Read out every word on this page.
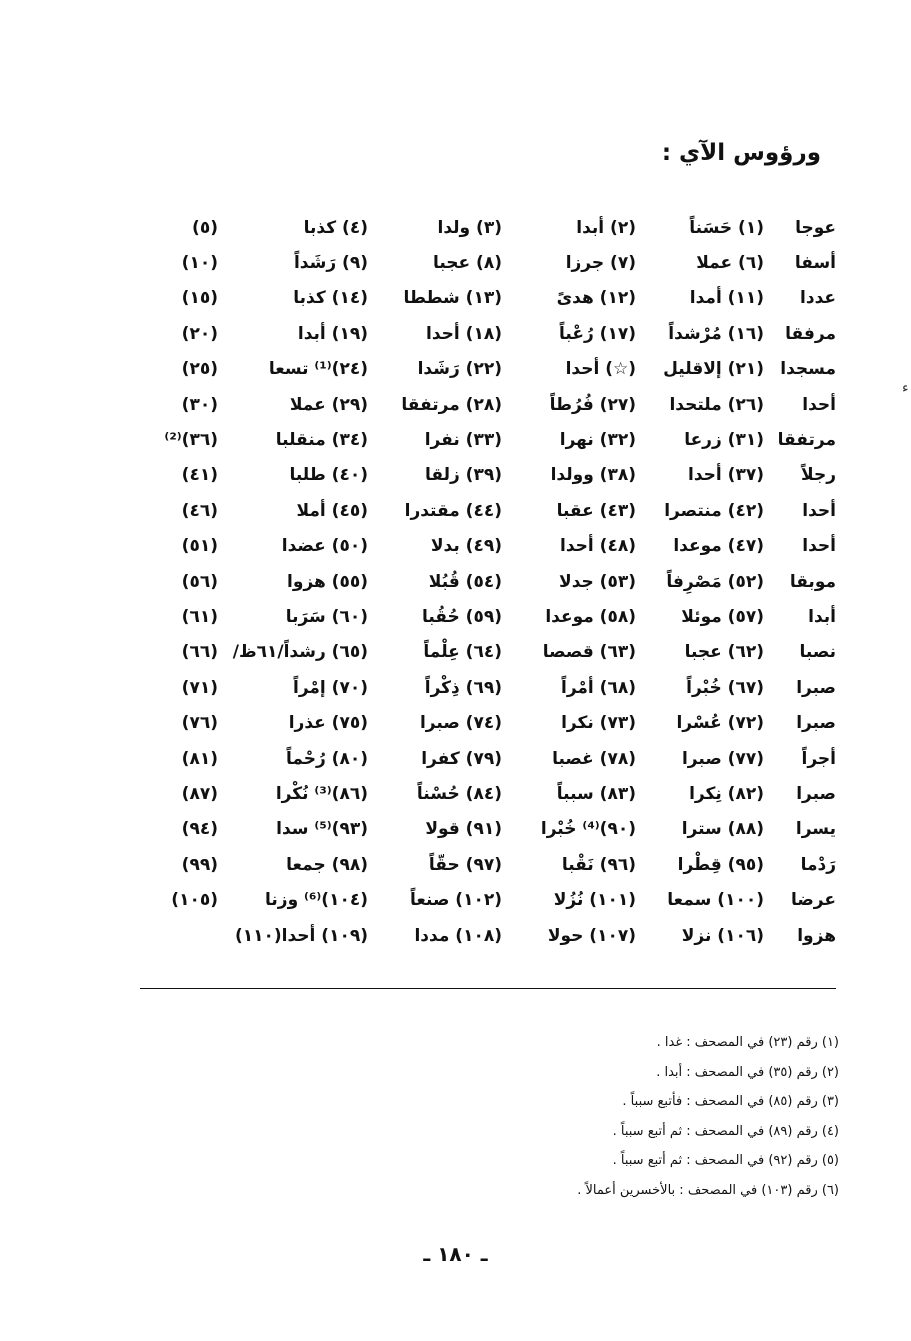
ورؤوس الآي :
عوجا
(١) حَسَناً
(٢) أبدا
(٣) ولدا
(٤) كذبا
(٥)
أسفا
(٦) عملا
(٧) جرزا
(٨) عجبا
(٩) رَشَداً
(١٠)
عددا
(١١) أمدا
(١٢) هدىً
(١٣) شططا
(١٤) كذبا
(١٥)
مرفقا
(١٦) مُرْشداً
(١٧) رُعْباً
(١٨) أحدا
(١٩) أبدا
(٢٠)
مسجدا
(٢١) إلاقليل
(☆) أحدا
(٢٢) رَشَدا
(٢٤)⁽¹⁾ تسعا
(٢٥)
أحدا
(٢٦) ملتحدا
(٢٧) فُرُطاً
(٢٨) مرتفقا
(٢٩) عملا
(٣٠)
مرتفقا
(٣١) زرعا
(٣٢) نهرا
(٣٣) نفرا
(٣٤) منقلبا
(٣٦)⁽²⁾
رجلاً
(٣٧) أحدا
(٣٨) وولدا
(٣٩) زلقا
(٤٠) طلبا
(٤١)
أحدا
(٤٢) منتصرا
(٤٣) عقبا
(٤٤) مقتدرا
(٤٥) أملا
(٤٦)
أحدا
(٤٧) موعدا
(٤٨) أحدا
(٤٩) بدلا
(٥٠) عضدا
(٥١)
موبقا
(٥٢) مَصْرِفاً
(٥٣) جدلا
(٥٤) قُبُلا
(٥٥) هزوا
(٥٦)
أبدا
(٥٧) موئلا
(٥٨) موعدا
(٥٩) حُقُبا
(٦٠) سَرَبا
(٦١)
نصبا
(٦٢) عجبا
(٦٣) قصصا
(٦٤) عِلْماً
(٦٥) رشداً/٦١ظ/
(٦٦)
صبرا
(٦٧) خُبْراً
(٦٨) أمْراً
(٦٩) ذِكْراً
(٧٠) إمْراً
(٧١)
صبرا
(٧٢) عُسْرا
(٧٣) نكرا
(٧٤) صبرا
(٧٥) عذرا
(٧٦)
أجراً
(٧٧) صبرا
(٧٨) غصبا
(٧٩) كفرا
(٨٠) رُحْماً
(٨١)
صبرا
(٨٢) نِكرا
(٨٣) سبباً
(٨٤) حُسْناً
(٨٦)⁽³⁾ نُكْرا
(٨٧)
يسرا
(٨٨) سترا
(٩٠)⁽⁴⁾ خُبْرا
(٩١) قولا
(٩٣)⁽⁵⁾ سدا
(٩٤)
رَدْما
(٩٥) قِطْرا
(٩٦) نَقْبا
(٩٧) حقّاً
(٩٨) جمعا
(٩٩)
عرضا
(١٠٠) سمعا
(١٠١) نُزُلا
(١٠٢) صنعاً
(١٠٤)⁽⁶⁾ وزنا
(١٠٥)
هزوا
(١٠٦) نزلا
(١٠٧) حولا
(١٠٨) مددا
(١٠٩) أحدا(١١٠)
(١) رقم (٢٣) في المصحف : غدا .
(٢) رقم (٣٥) في المصحف : أبدا .
(٣) رقم (٨٥) في المصحف : فأتبع سبباً .
(٤) رقم (٨٩) في المصحف : ثم أتبع سبباً .
(٥) رقم (٩٢) في المصحف : ثم أتبع سبباً .
(٦) رقم (١٠٣) في المصحف : بالأخسرين أعمالاً .
ـ ١٨٠ ـ
ء
